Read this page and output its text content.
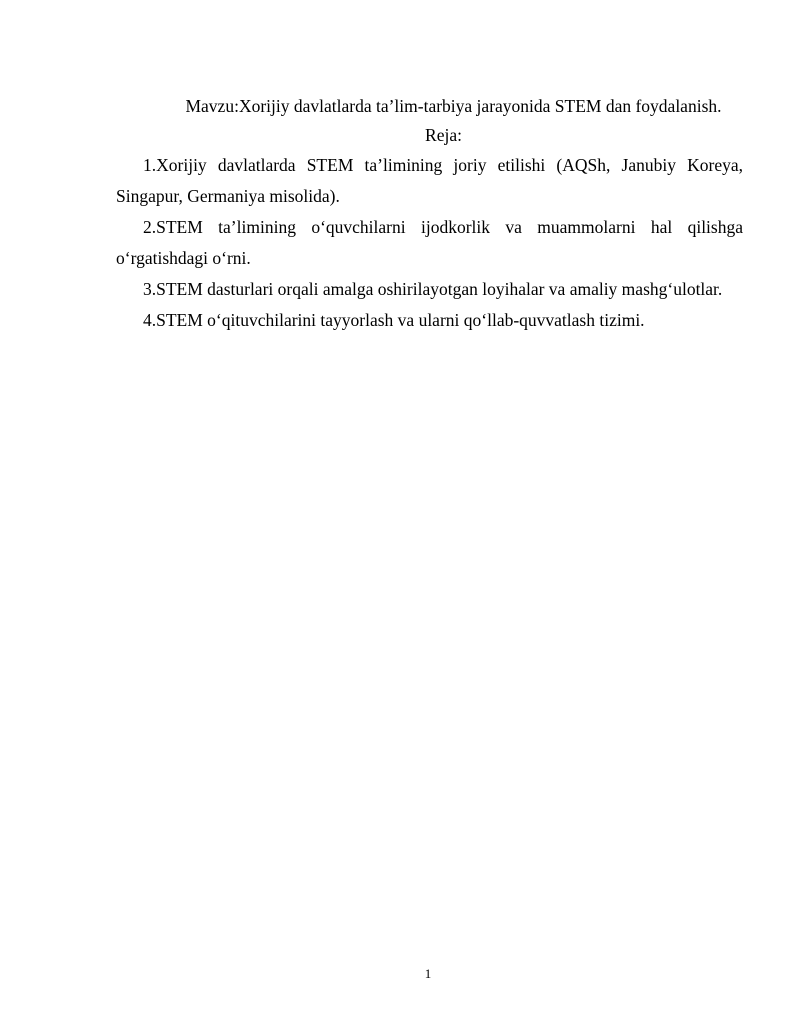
Mavzu:Xorijiy davlatlarda ta’lim-tarbiya jarayonida STEM dan foydalanish.

Reja:

1.Xorijiy davlatlarda STEM ta’limining joriy etilishi (AQSh, Janubiy Koreya, Singapur, Germaniya misolida).

2.STEM ta’limining o‘quvchilarni ijodkorlik va muammolarni hal qilishga o‘rgatishdagi o‘rni.

3.STEM dasturlari orqali amalga oshirilayotgan loyihalar va amaliy mashg‘ulotlar.

4.STEM o‘qituvchilarini tayyorlash va ularni qo‘llab-quvvatlash tizimi.

1
